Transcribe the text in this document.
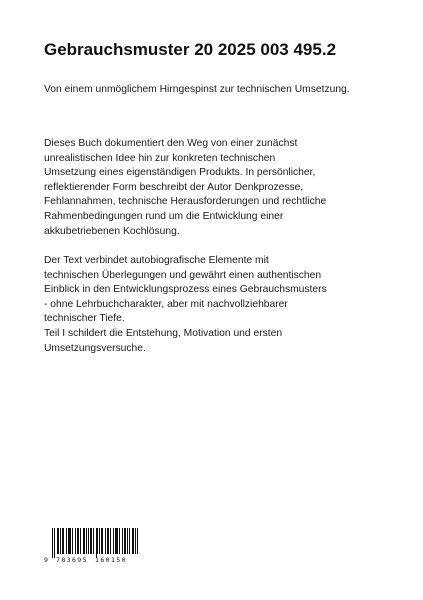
Gebrauchsmuster 20 2025 003 495.2
Von einem unmöglichem Hirngespinst zur technischen Umsetzung.
Dieses Buch dokumentiert den Weg von einer zunächst
unrealistischen Idee hin zur konkreten technischen
Umsetzung eines eigenständigen Produkts. In persönlicher,
reflektierender Form beschreibt der Autor Denkprozesse,
Fehlannahmen, technische Herausforderungen und rechtliche
Rahmenbedingungen rund um die Entwicklung einer
akkubetriebenen Kochlösung.
Der Text verbindet autobiografische Elemente mit
technischen Überlegungen und gewährt einen authentischen
Einblick in den Entwicklungsprozess eines Gebrauchsmusters
- ohne Lehrbuchcharakter, aber mit nachvollziehbarer
technischer Tiefe.
Teil I schildert die Entstehung, Motivation und ersten
Umsetzungsversuche.
9 783695 160150
